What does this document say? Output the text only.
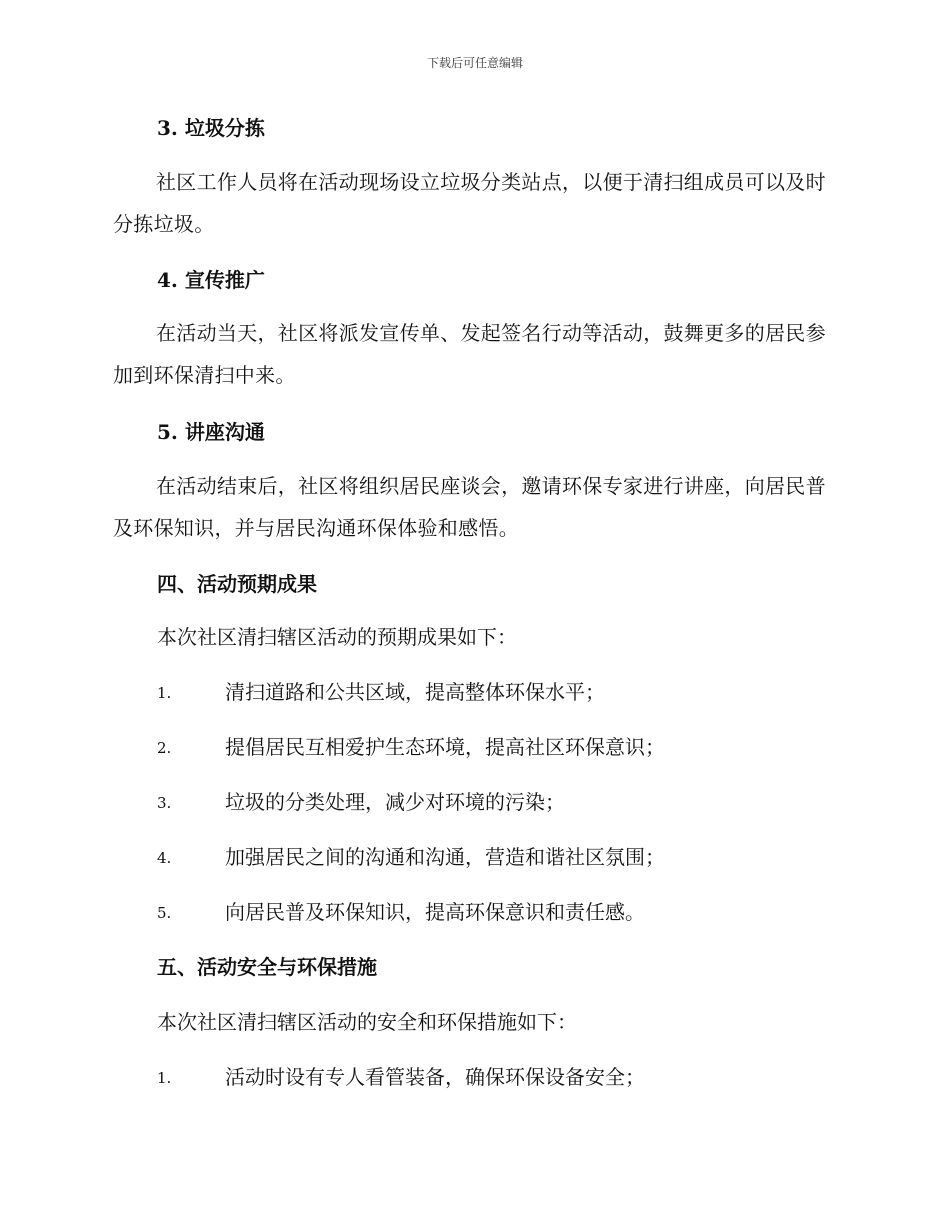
下载后可任意编辑
3. 垃圾分拣
社区工作人员将在活动现场设立垃圾分类站点，以便于清扫组成员可以及时分拣垃圾。
4. 宣传推广
在活动当天，社区将派发宣传单、发起签名行动等活动，鼓舞更多的居民参加到环保清扫中来。
5. 讲座沟通
在活动结束后，社区将组织居民座谈会，邀请环保专家进行讲座，向居民普及环保知识，并与居民沟通环保体验和感悟。
四、活动预期成果
本次社区清扫辖区活动的预期成果如下：
1.	清扫道路和公共区域，提高整体环保水平；
2.	提倡居民互相爱护生态环境，提高社区环保意识；
3.	垃圾的分类处理，减少对环境的污染；
4.	加强居民之间的沟通和沟通，营造和谐社区氛围；
5.	向居民普及环保知识，提高环保意识和责任感。
五、活动安全与环保措施
本次社区清扫辖区活动的安全和环保措施如下：
1.	活动时设有专人看管装备，确保环保设备安全；
